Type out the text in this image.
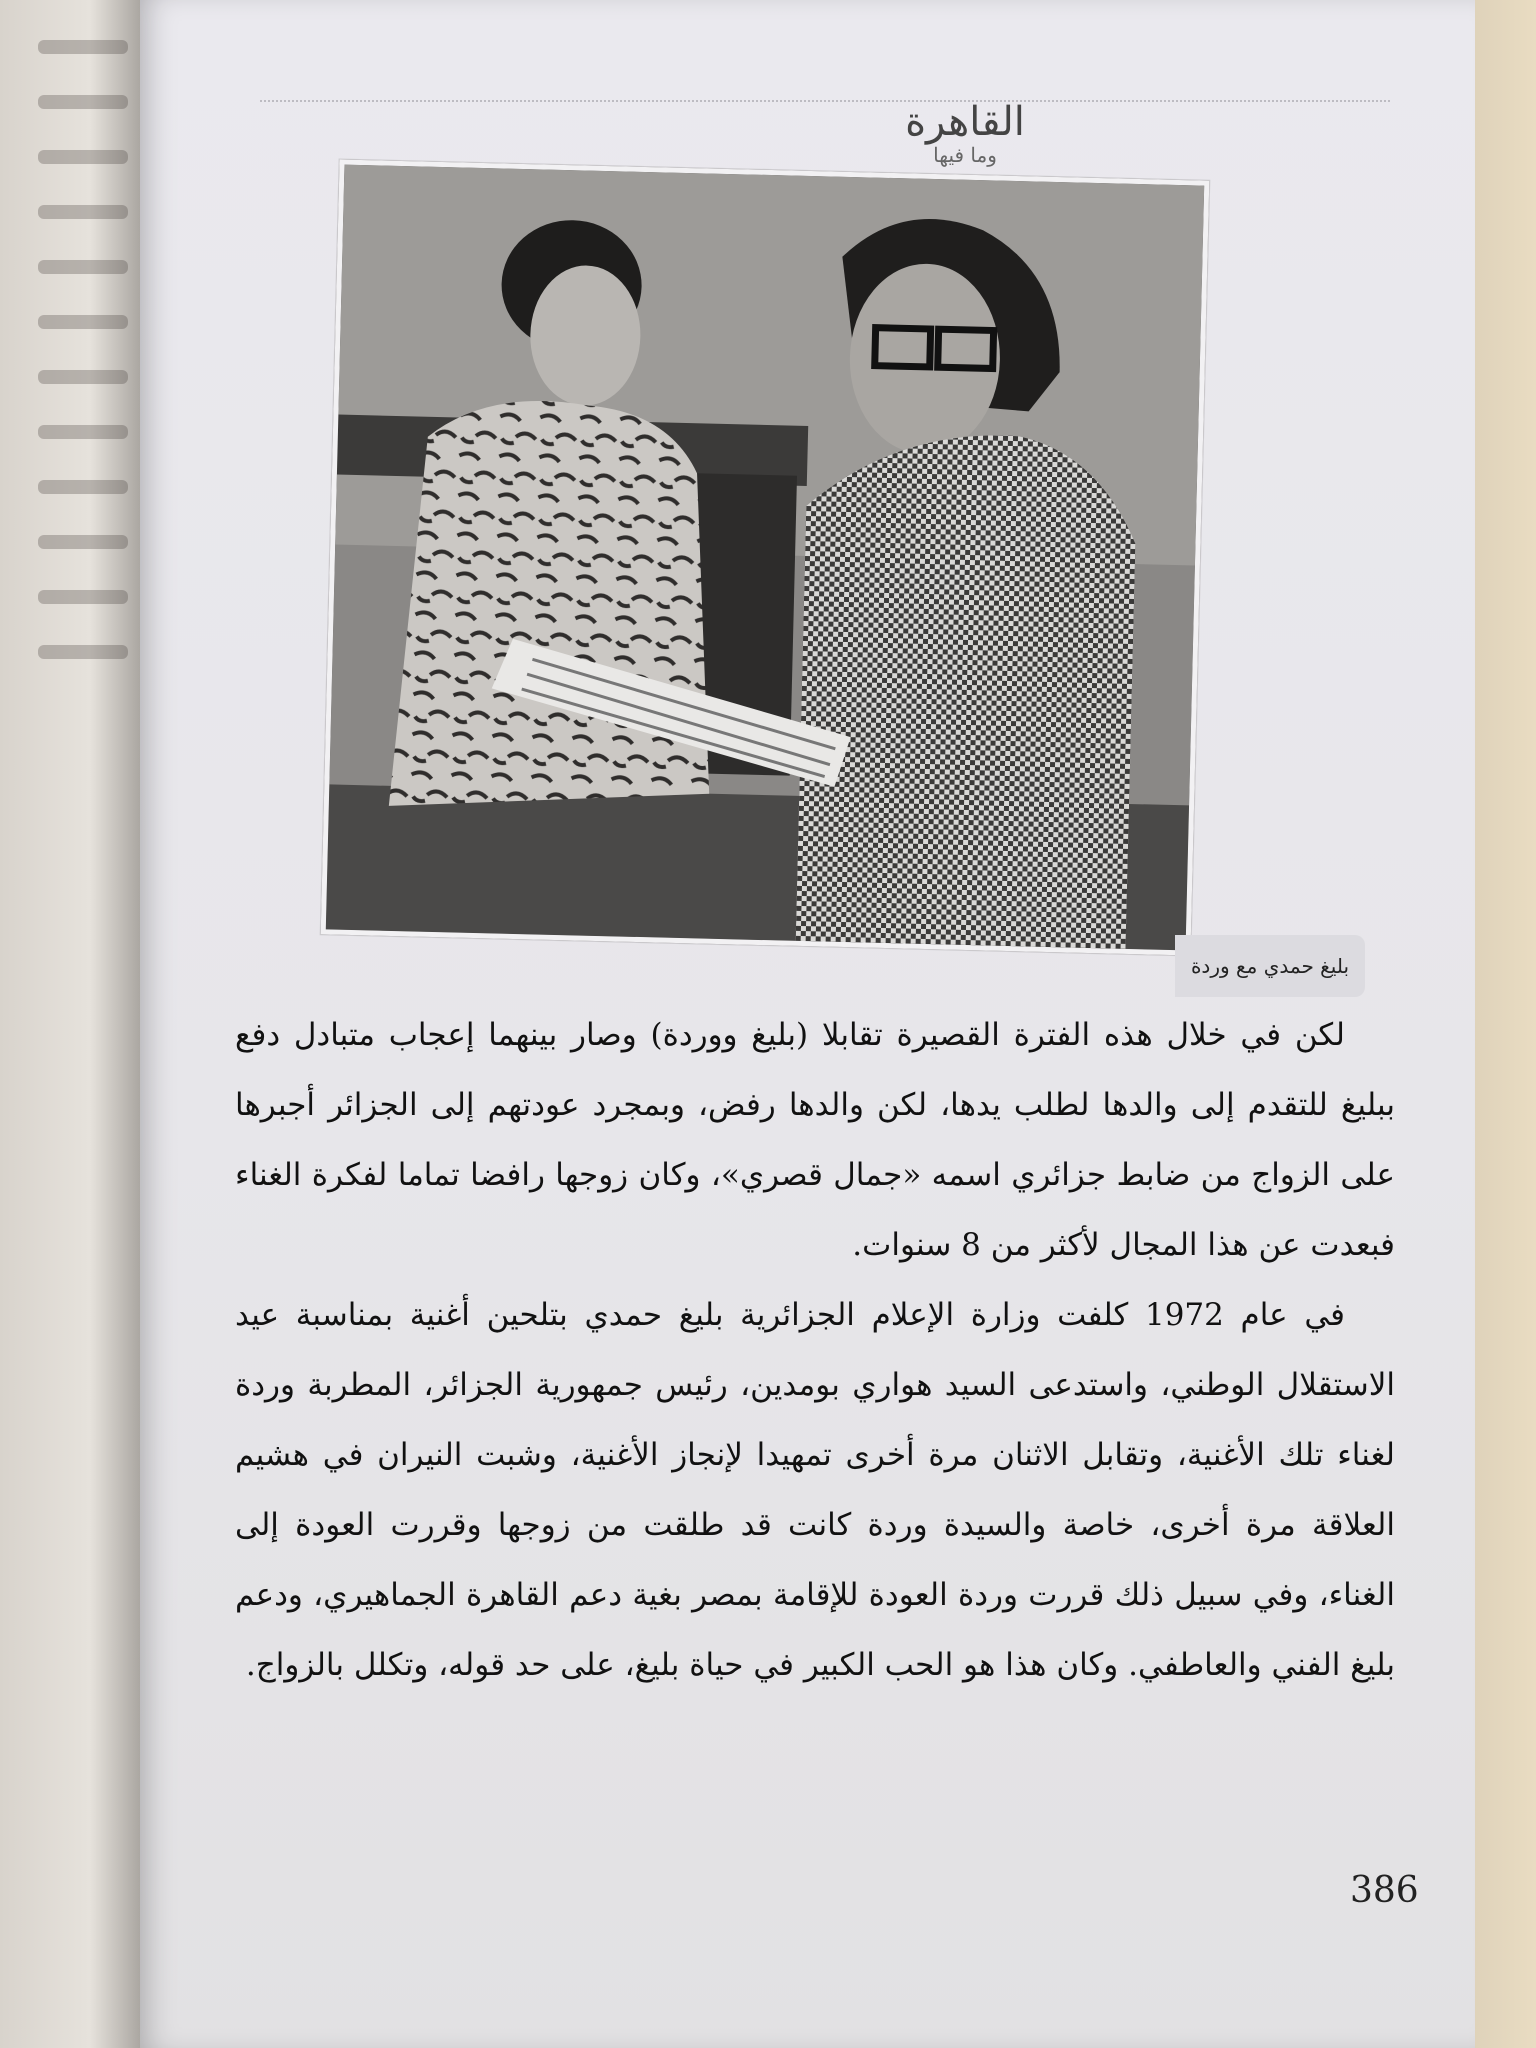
القاهرة
وما فيها
بليغ حمدي مع وردة

لكن في خلال هذه الفترة القصيرة تقابلا (بليغ ووردة) وصار بينهما إعجاب متبادل دفع ببليغ للتقدم إلى والدها لطلب يدها، لكن والدها رفض، وبمجرد عودتهم إلى الجزائر أجبرها على الزواج من ضابط جزائري اسمه «جمال قصري»، وكان زوجها رافضا تماما لفكرة الغناء فبعدت عن هذا المجال لأكثر من 8 سنوات.

في عام 1972 كلفت وزارة الإعلام الجزائرية بليغ حمدي بتلحين أغنية بمناسبة عيد الاستقلال الوطني، واستدعى السيد هواري بومدين، رئيس جمهورية الجزائر، المطربة وردة لغناء تلك الأغنية، وتقابل الاثنان مرة أخرى تمهيدا لإنجاز الأغنية، وشبت النيران في هشيم العلاقة مرة أخرى، خاصة والسيدة وردة كانت قد طلقت من زوجها وقررت العودة إلى الغناء، وفي سبيل ذلك قررت وردة العودة للإقامة بمصر بغية دعم القاهرة الجماهيري، ودعم بليغ الفني والعاطفي. وكان هذا هو الحب الكبير في حياة بليغ، على حد قوله، وتكلل بالزواج.

386
